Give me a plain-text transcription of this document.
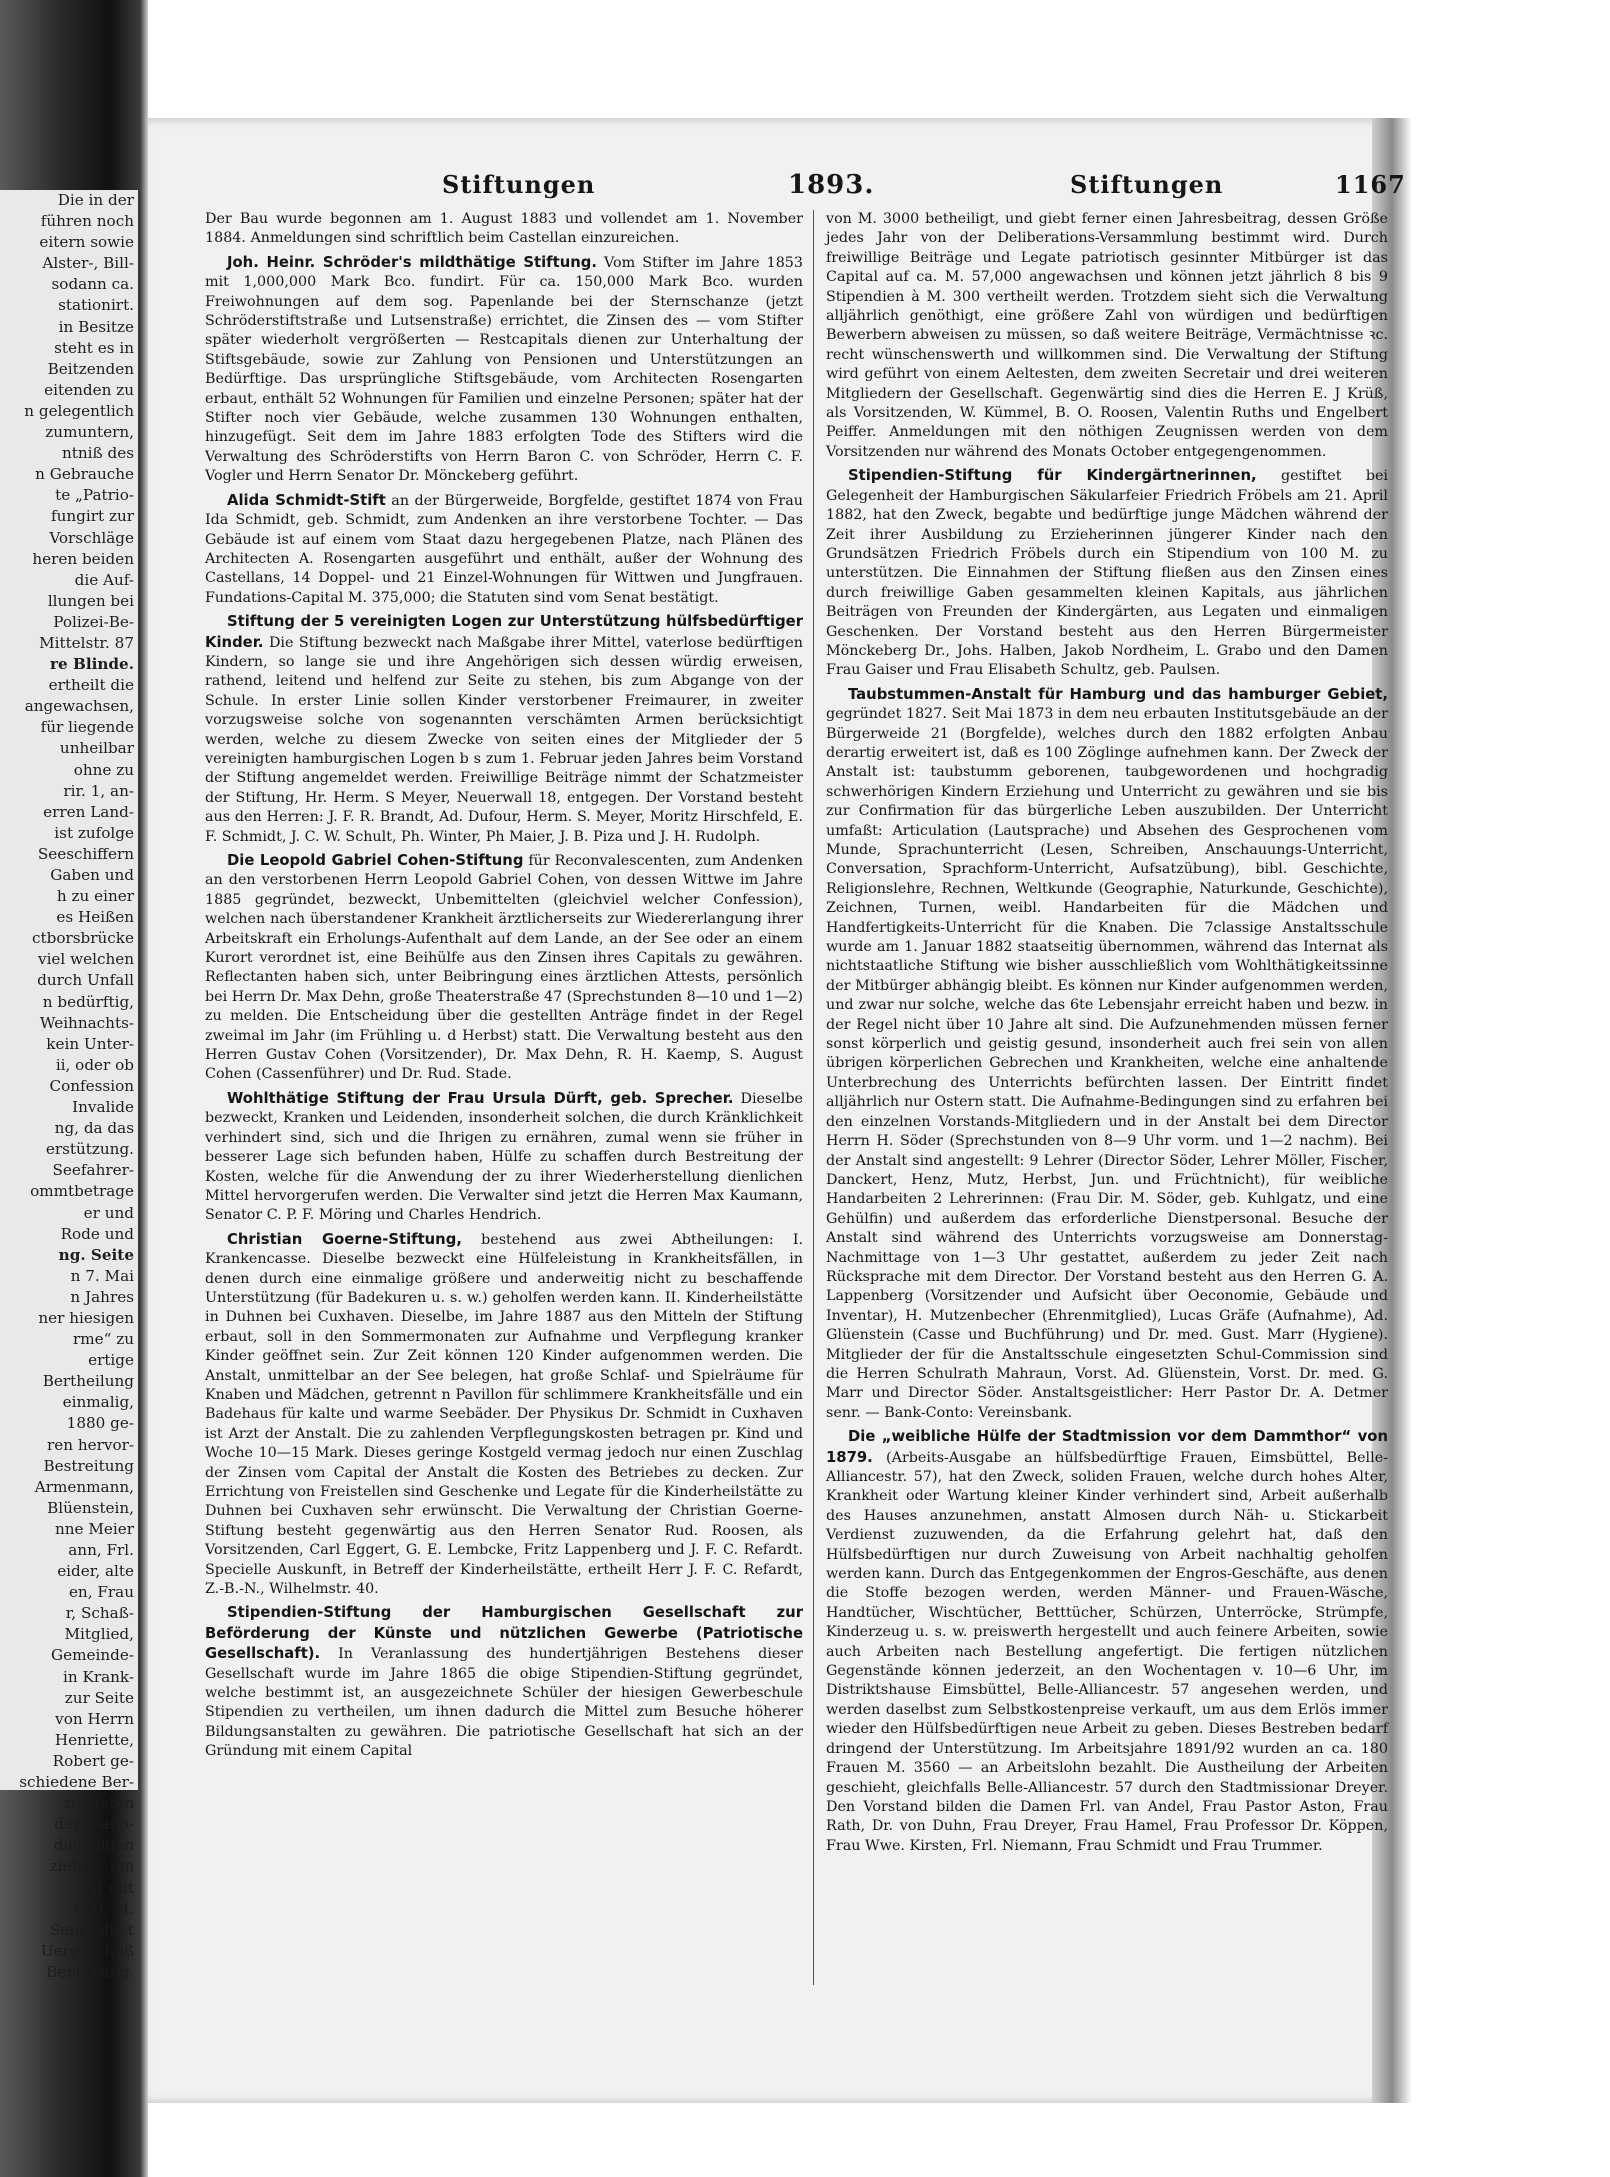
Die in der
führen noch
eitern sowie
Alster-, Bill-
sodann ca.
stationirt.
in Besitze
steht es in
Beitzenden
eitenden zu
n gelegentlich
zumuntern,
ntniß des
n Gebrauche
te „Patrio-
fungirt zur
Vorschläge
heren beiden
die Auf-
llungen bei
Polizei-Be-
Mittelstr. 87
re Blinde.
ertheilt die
angewachsen,
für liegende
unheilbar
ohne zu
rir. 1, an-
erren Land-
ist zufolge
Seeschiffern
Gaben und
h zu einer
es Heißen
ctborsbrücke
viel welchen
durch Unfall
n bedürftig,
Weihnachts-
kein Unter-
ii, oder ob
Confession
Invalide
ng, da das
erstützung.
Seefahrer-
ommtbetrage
er und
Rode und
ng. Seite
n 7. Mai
n Jahres
ner hiesigen
rme“ zu
ertige
Bertheilung
einmalig,
1880 ge-
ren hervor-
Bestreitung
Armenmann,
Blüenstein,
nne Meier
ann, Frl.
eider, alte
en, Frau
r, Schaß-
Mitglied,
Gemeinde-
in Krank-
zur Seite
von Herrn
Henriette,
Robert ge-
schiedene Ber-
zu bieten
der Biano-
diejenigen
ziehen, um
gt mit
F. H. M.
Seneralitst
Uergeschoß
Benutzung.
Stiftungen	1893.	Stiftungen	1167

Der Bau wurde begonnen am 1. August 1883 und vollendet am 1. November 1884. Anmeldungen sind schriftlich beim Castellan einzureichen.

Joh. Heinr. Schröder's mildthätige Stiftung. Vom Stifter im Jahre 1853 mit 1,000,000 Mark Bco. fundirt. Für ca. 150,000 Mark Bco. wurden Freiwohnungen auf dem sog. Papenlande bei der Sternschanze (jetzt Schröderstiftstraße und Lutsenstraße) errichtet, die Zinsen des — vom Stifter später wiederholt vergrößerten — Restcapitals dienen zur Unterhaltung der Stiftsgebäude, sowie zur Zahlung von Pensionen und Unterstützungen an Bedürftige. Das ursprüngliche Stiftsgebäude, vom Architecten Rosengarten erbaut, enthält 52 Wohnungen für Familien und einzelne Personen; später hat der Stifter noch vier Gebäude, welche zusammen 130 Wohnungen enthalten, hinzugefügt. Seit dem im Jahre 1883 erfolgten Tode des Stifters wird die Verwaltung des Schröderstifts von Herrn Baron C. von Schröder, Herrn C. F. Vogler und Herrn Senator Dr. Mönckeberg geführt.

Alida Schmidt-Stift an der Bürgerweide, Borgfelde, gestiftet 1874 von Frau Ida Schmidt, geb. Schmidt, zum Andenken an ihre verstorbene Tochter. — Das Gebäude ist auf einem vom Staat dazu hergegebenen Platze, nach Plänen des Architecten A. Rosengarten ausgeführt und enthält, außer der Wohnung des Castellans, 14 Doppel- und 21 Einzel-Wohnungen für Wittwen und Jungfrauen. Fundations-Capital M. 375,000; die Statuten sind vom Senat bestätigt.

Stiftung der 5 vereinigten Logen zur Unterstützung hülfsbedürftiger Kinder. Die Stiftung bezweckt nach Maßgabe ihrer Mittel, vaterlose bedürftigen Kindern, so lange sie und ihre Angehörigen sich dessen würdig erweisen, rathend, leitend und helfend zur Seite zu stehen, bis zum Abgange von der Schule. In erster Linie sollen Kinder verstorbener Freimaurer, in zweiter vorzugsweise solche von sogenannten verschämten Armen berücksichtigt werden, welche zu diesem Zwecke von seiten eines der Mitglieder der 5 vereinigten hamburgischen Logen b s zum 1. Februar jeden Jahres beim Vorstand der Stiftung angemeldet werden. Freiwillige Beiträge nimmt der Schatzmeister der Stiftung, Hr. Herm. S Meyer, Neuerwall 18, entgegen. Der Vorstand besteht aus den Herren: J. F. R. Brandt, Ad. Dufour, Herm. S. Meyer, Moritz Hirschfeld, E. F. Schmidt, J. C. W. Schult, Ph. Winter, Ph Maier, J. B. Piza und J. H. Rudolph.

Die Leopold Gabriel Cohen-Stiftung für Reconvalescenten, zum Andenken an den verstorbenen Herrn Leopold Gabriel Cohen, von dessen Wittwe im Jahre 1885 gegründet, bezweckt, Unbemittelten (gleichviel welcher Confession), welchen nach überstandener Krankheit ärztlicherseits zur Wiedererlangung ihrer Arbeitskraft ein Erholungs-Aufenthalt auf dem Lande, an der See oder an einem Kurort verordnet ist, eine Beihülfe aus den Zinsen ihres Capitals zu gewähren. Reflectanten haben sich, unter Beibringung eines ärztlichen Attests, persönlich bei Herrn Dr. Max Dehn, große Theaterstraße 47 (Sprechstunden 8—10 und 1—2) zu melden. Die Entscheidung über die gestellten Anträge findet in der Regel zweimal im Jahr (im Frühling u. d Herbst) statt. Die Verwaltung besteht aus den Herren Gustav Cohen (Vorsitzender), Dr. Max Dehn, R. H. Kaemp, S. August Cohen (Cassenführer) und Dr. Rud. Stade.

Wohlthätige Stiftung der Frau Ursula Dürft, geb. Sprecher. Dieselbe bezweckt, Kranken und Leidenden, insonderheit solchen, die durch Kränklichkeit verhindert sind, sich und die Ihrigen zu ernähren, zumal wenn sie früher in besserer Lage sich befunden haben, Hülfe zu schaffen durch Bestreitung der Kosten, welche für die Anwendung der zu ihrer Wiederherstellung dienlichen Mittel hervorgerufen werden. Die Verwalter sind jetzt die Herren Max Kaumann, Senator C. P. F. Möring und Charles Hendrich.

Christian Goerne-Stiftung, bestehend aus zwei Abtheilungen: I. Krankencasse. Dieselbe bezweckt eine Hülfeleistung in Krankheitsfällen, in denen durch eine einmalige größere und anderweitig nicht zu beschaffende Unterstützung (für Badekuren u. s. w.) geholfen werden kann. II. Kinderheilstätte in Duhnen bei Cuxhaven. Dieselbe, im Jahre 1887 aus den Mitteln der Stiftung erbaut, soll in den Sommermonaten zur Aufnahme und Verpflegung kranker Kinder geöffnet sein. Zur Zeit können 120 Kinder aufgenommen werden. Die Anstalt, unmittelbar an der See belegen, hat große Schlaf- und Spielräume für Knaben und Mädchen, getrennt n Pavillon für schlimmere Krankheitsfälle und ein Badehaus für kalte und warme Seebäder. Der Physikus Dr. Schmidt in Cuxhaven ist Arzt der Anstalt. Die zu zahlenden Verpflegungskosten betragen pr. Kind und Woche 10—15 Mark. Dieses geringe Kostgeld vermag jedoch nur einen Zuschlag der Zinsen vom Capital der Anstalt die Kosten des Betriebes zu decken. Zur Errichtung von Freistellen sind Geschenke und Legate für die Kinderheilstätte zu Duhnen bei Cuxhaven sehr erwünscht. Die Verwaltung der Christian Goerne-Stiftung besteht gegenwärtig aus den Herren Senator Rud. Roosen, als Vorsitzenden, Carl Eggert, G. E. Lembcke, Fritz Lappenberg und J. F. C. Refardt. Specielle Auskunft, in Betreff der Kinderheilstätte, ertheilt Herr J. F. C. Refardt, Z.-B.-N., Wilhelmstr. 40.

Stipendien-Stiftung der Hamburgischen Gesellschaft zur Beförderung der Künste und nützlichen Gewerbe (Patriotische Gesellschaft). In Veranlassung des hundertjährigen Bestehens dieser Gesellschaft wurde im Jahre 1865 die obige Stipendien-Stiftung gegründet, welche bestimmt ist, an ausgezeichnete Schüler der hiesigen Gewerbeschule Stipendien zu vertheilen, um ihnen dadurch die Mittel zum Besuche höherer Bildungsanstalten zu gewähren. Die patriotische Gesellschaft hat sich an der Gründung mit einem Capital

von M. 3000 betheiligt, und giebt ferner einen Jahresbeitrag, dessen Größe jedes Jahr von der Deliberations-Versammlung bestimmt wird. Durch freiwillige Beiträge und Legate patriotisch gesinnter Mitbürger ist das Capital auf ca. M. 57,000 angewachsen und können jetzt jährlich 8 bis 9 Stipendien à M. 300 vertheilt werden. Trotzdem sieht sich die Verwaltung alljährlich genöthigt, eine größere Zahl von würdigen und bedürftigen Bewerbern abweisen zu müssen, so daß weitere Beiträge, Vermächtnisse ꝛc. recht wünschenswerth und willkommen sind. Die Verwaltung der Stiftung wird geführt von einem Aeltesten, dem zweiten Secretair und drei weiteren Mitgliedern der Gesellschaft. Gegenwärtig sind dies die Herren E. J Krüß, als Vorsitzenden, W. Kümmel, B. O. Roosen, Valentin Ruths und Engelbert Peiffer. Anmeldungen mit den nöthigen Zeugnissen werden von dem Vorsitzenden nur während des Monats October entgegengenommen.

Stipendien-Stiftung für Kindergärtnerinnen, gestiftet bei Gelegenheit der Hamburgischen Säkularfeier Friedrich Fröbels am 21. April 1882, hat den Zweck, begabte und bedürftige junge Mädchen während der Zeit ihrer Ausbildung zu Erzieherinnen jüngerer Kinder nach den Grundsätzen Friedrich Fröbels durch ein Stipendium von 100 M. zu unterstützen. Die Einnahmen der Stiftung fließen aus den Zinsen eines durch freiwillige Gaben gesammelten kleinen Kapitals, aus jährlichen Beiträgen von Freunden der Kindergärten, aus Legaten und einmaligen Geschenken. Der Vorstand besteht aus den Herren Bürgermeister Mönckeberg Dr., Johs. Halben, Jakob Nordheim, L. Grabo und den Damen Frau Gaiser und Frau Elisabeth Schultz, geb. Paulsen.

Taubstummen-Anstalt für Hamburg und das hamburger Gebiet, gegründet 1827. Seit Mai 1873 in dem neu erbauten Institutsgebäude an der Bürgerweide 21 (Borgfelde), welches durch den 1882 erfolgten Anbau derartig erweitert ist, daß es 100 Zöglinge aufnehmen kann. Der Zweck der Anstalt ist: taubstumm geborenen, taubgewordenen und hochgradig schwerhörigen Kindern Erziehung und Unterricht zu gewähren und sie bis zur Confirmation für das bürgerliche Leben auszubilden. Der Unterricht umfaßt: Articulation (Lautsprache) und Absehen des Gesprochenen vom Munde, Sprachunterricht (Lesen, Schreiben, Anschauungs-Unterricht, Conversation, Sprachform-Unterricht, Aufsatzübung), bibl. Geschichte, Religionslehre, Rechnen, Weltkunde (Geographie, Naturkunde, Geschichte), Zeichnen, Turnen, weibl. Handarbeiten für die Mädchen und Handfertigkeits-Unterricht für die Knaben. Die 7classige Anstaltsschule wurde am 1. Januar 1882 staatseitig übernommen, während das Internat als nichtstaatliche Stiftung wie bisher ausschließlich vom Wohlthätigkeitssinne der Mitbürger abhängig bleibt. Es können nur Kinder aufgenommen werden, und zwar nur solche, welche das 6te Lebensjahr erreicht haben und bezw. in der Regel nicht über 10 Jahre alt sind. Die Aufzunehmenden müssen ferner sonst körperlich und geistig gesund, insonderheit auch frei sein von allen übrigen körperlichen Gebrechen und Krankheiten, welche eine anhaltende Unterbrechung des Unterrichts befürchten lassen. Der Eintritt findet alljährlich nur Ostern statt. Die Aufnahme-Bedingungen sind zu erfahren bei den einzelnen Vorstands-Mitgliedern und in der Anstalt bei dem Director Herrn H. Söder (Sprechstunden von 8—9 Uhr vorm. und 1—2 nachm). Bei der Anstalt sind angestellt: 9 Lehrer (Director Söder, Lehrer Möller, Fischer, Danckert, Henz, Mutz, Herbst, Jun. und Früchtnicht), für weibliche Handarbeiten 2 Lehrerinnen: (Frau Dir. M. Söder, geb. Kuhlgatz, und eine Gehülfin) und außerdem das erforderliche Dienstpersonal. Besuche der Anstalt sind während des Unterrichts vorzugsweise am Donnerstag-Nachmittage von 1—3 Uhr gestattet, außerdem zu jeder Zeit nach Rücksprache mit dem Director. Der Vorstand besteht aus den Herren G. A. Lappenberg (Vorsitzender und Aufsicht über Oeconomie, Gebäude und Inventar), H. Mutzenbecher (Ehrenmitglied), Lucas Gräfe (Aufnahme), Ad. Glüenstein (Casse und Buchführung) und Dr. med. Gust. Marr (Hygiene). Mitglieder der für die Anstaltsschule eingesetzten Schul-Commission sind die Herren Schulrath Mahraun, Vorst. Ad. Glüenstein, Vorst. Dr. med. G. Marr und Director Söder. Anstaltsgeistlicher: Herr Pastor Dr. A. Detmer senr. — Bank-Conto: Vereinsbank.

Die „weibliche Hülfe der Stadtmission vor dem Dammthor“ von 1879. (Arbeits-Ausgabe an hülfsbedürftige Frauen, Eimsbüttel, Belle-Alliancestr. 57), hat den Zweck, soliden Frauen, welche durch hohes Alter, Krankheit oder Wartung kleiner Kinder verhindert sind, Arbeit außerhalb des Hauses anzunehmen, anstatt Almosen durch Näh- u. Stickarbeit Verdienst zuzuwenden, da die Erfahrung gelehrt hat, daß den Hülfsbedürftigen nur durch Zuweisung von Arbeit nachhaltig geholfen werden kann. Durch das Entgegenkommen der Engros-Geschäfte, aus denen die Stoffe bezogen werden, werden Männer- und Frauen-Wäsche, Handtücher, Wischtücher, Betttücher, Schürzen, Unterröcke, Strümpfe, Kinderzeug u. s. w. preiswerth hergestellt und auch feinere Arbeiten, sowie auch Arbeiten nach Bestellung angefertigt. Die fertigen nützlichen Gegenstände können jederzeit, an den Wochentagen v. 10—6 Uhr, im Distriktshause Eimsbüttel, Belle-Alliancestr. 57 angesehen werden, und werden daselbst zum Selbstkostenpreise verkauft, um aus dem Erlös immer wieder den Hülfsbedürftigen neue Arbeit zu geben. Dieses Bestreben bedarf dringend der Unterstützung. Im Arbeitsjahre 1891/92 wurden an ca. 180 Frauen M. 3560 — an Arbeitslohn bezahlt. Die Austheilung der Arbeiten geschieht, gleichfalls Belle-Alliancestr. 57 durch den Stadtmissionar Dreyer. Den Vorstand bilden die Damen Frl. van Andel, Frau Pastor Aston, Frau Rath, Dr. von Duhn, Frau Dreyer, Frau Hamel, Frau Professor Dr. Köppen, Frau Wwe. Kirsten, Frl. Niemann, Frau Schmidt und Frau Trummer.
